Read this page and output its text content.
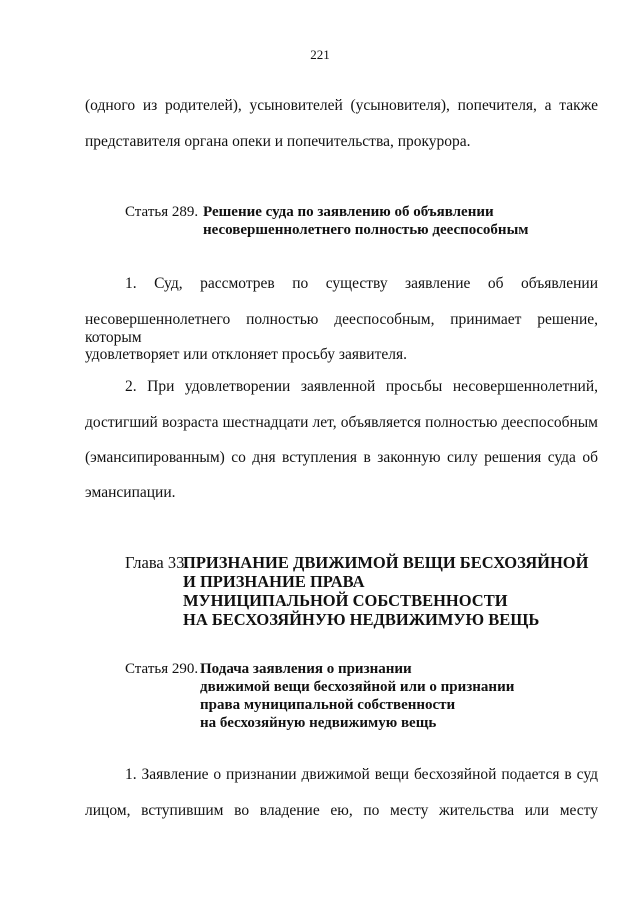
221
(одного из родителей), усыновителей (усыновителя), попечителя, а также
представителя органа опеки и попечительства, прокурора.
Статья 289. Решение суда по заявлению об объявлении
несовершеннолетнего полностью дееспособным
1. Суд, рассмотрев по существу заявление об объявлении
несовершеннолетнего полностью дееспособным, принимает решение, которым
удовлетворяет или отклоняет просьбу заявителя.
2. При удовлетворении заявленной просьбы несовершеннолетний,
достигший возраста шестнадцати лет, объявляется полностью дееспособным
(эмансипированным) со дня вступления в законную силу решения суда об
эмансипации.
Глава 33.
ПРИЗНАНИЕ ДВИЖИМОЙ ВЕЩИ БЕСХОЗЯЙНОЙ
И ПРИЗНАНИЕ ПРАВА
МУНИЦИПАЛЬНОЙ СОБСТВЕННОСТИ
НА БЕСХОЗЯЙНУЮ НЕДВИЖИМУЮ ВЕЩЬ
Статья 290. Подача заявления о признании
движимой вещи бесхозяйной или о признании
права муниципальной собственности
на бесхозяйную недвижимую вещь
1. Заявление о признании движимой вещи бесхозяйной подается в суд
лицом, вступившим во владение ею, по месту жительства или месту
